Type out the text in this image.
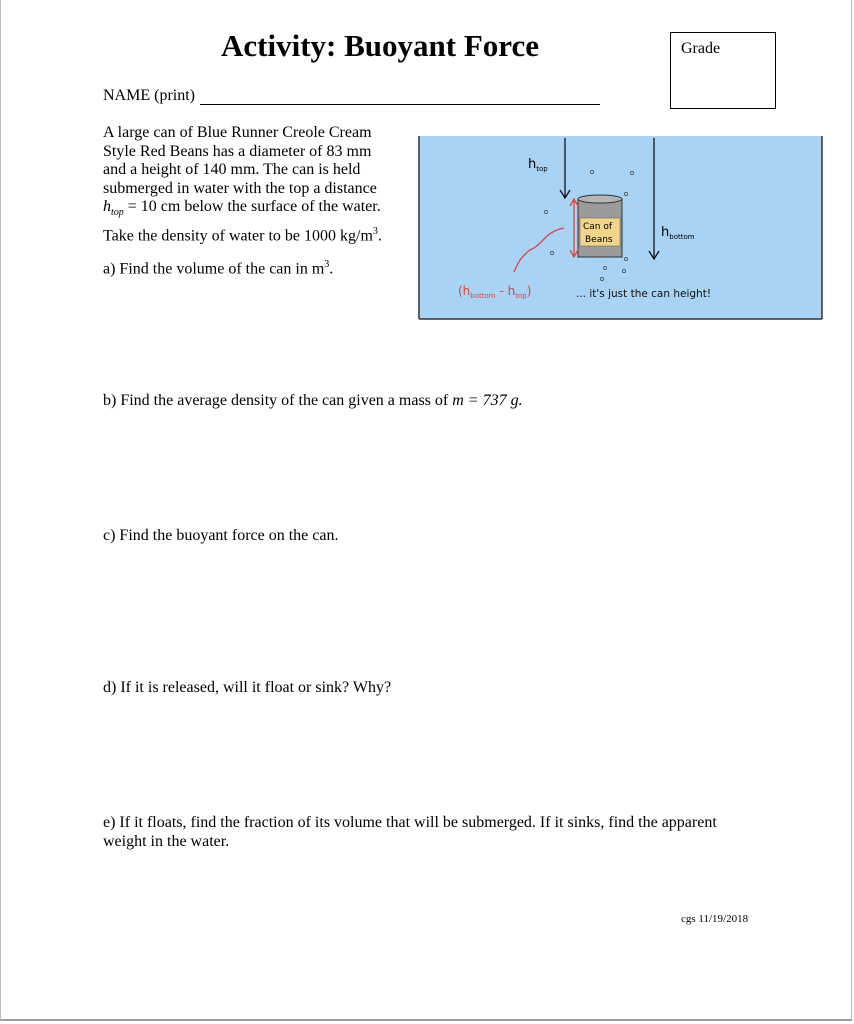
Activity: Buoyant Force	Grade
NAME (print)
A large can of Blue Runner Creole Cream
Style Red Beans has a diameter of 83 mm
and a height of 140 mm. The can is held
submerged in water with the top a distance
$h_{top} = 10$ cm below the surface of the water.
Take the density of water to be 1000 $kg/m^3$.
a) Find the volume of the can in $m^3$.
b) Find the average density of the can given a mass of m = 737 g.
c) Find the buoyant force on the can.
d) If it is released, will it float or sink? Why?
e) If it floats, find the fraction of its volume that will be submerged. If it sinks, find the apparent
weight in the water.
cgs 11/19/2018
$h_{top}$
$h_{bottom}$
Can of
Beans
$(h_{bottom} - h_{top})$	... it's just the can height!
